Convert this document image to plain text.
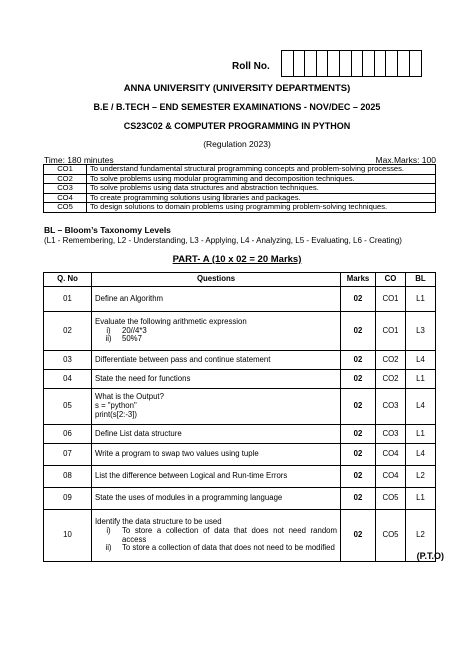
Roll No.
ANNA UNIVERSITY (UNIVERSITY DEPARTMENTS)
B.E / B.TECH – END SEMESTER EXAMINATIONS - NOV/DEC – 2025
CS23C02 & COMPUTER PROGRAMMING IN PYTHON
(Regulation 2023)
Time: 180 minutes	Max.Marks: 100
CO1	To understand fundamental structural programming concepts and problem-solving processes.
CO2	To solve problems using modular programming and decomposition techniques.
CO3	To solve problems using data structures and abstraction techniques.
CO4	To create programming solutions using libraries and packages.
CO5	To design solutions to domain problems using programming problem-solving techniques.
BL – Bloom’s Taxonomy Levels
(L1 - Remembering, L2 - Understanding, L3 - Applying, L4 - Analyzing, L5 - Evaluating, L6 - Creating)
PART- A (10 x 02 = 20 Marks)
Q. No	Questions	Marks	CO	BL
01	Define an Algorithm	02	CO1	L1
02	Evaluate the following arithmetic expression
i) 20//4*3
ii) 50%7	02	CO1	L3
03	Differentiate between pass and continue statement	02	CO2	L4
04	State the need for functions	02	CO2	L1
05	What is the Output?
s = "python"
print(s[2:-3])	02	CO3	L4
06	Define List data structure	02	CO3	L1
07	Write a program to swap two values using tuple	02	CO4	L4
08	List the difference between Logical and Run-time Errors	02	CO4	L2
09	State the uses of modules in a programming language	02	CO5	L1
10	Identify the data structure to be used
i) To store a collection of data that does not need random access
ii) To store a collection of data that does not need to be modified	02	CO5	L2
(P.T.O)
